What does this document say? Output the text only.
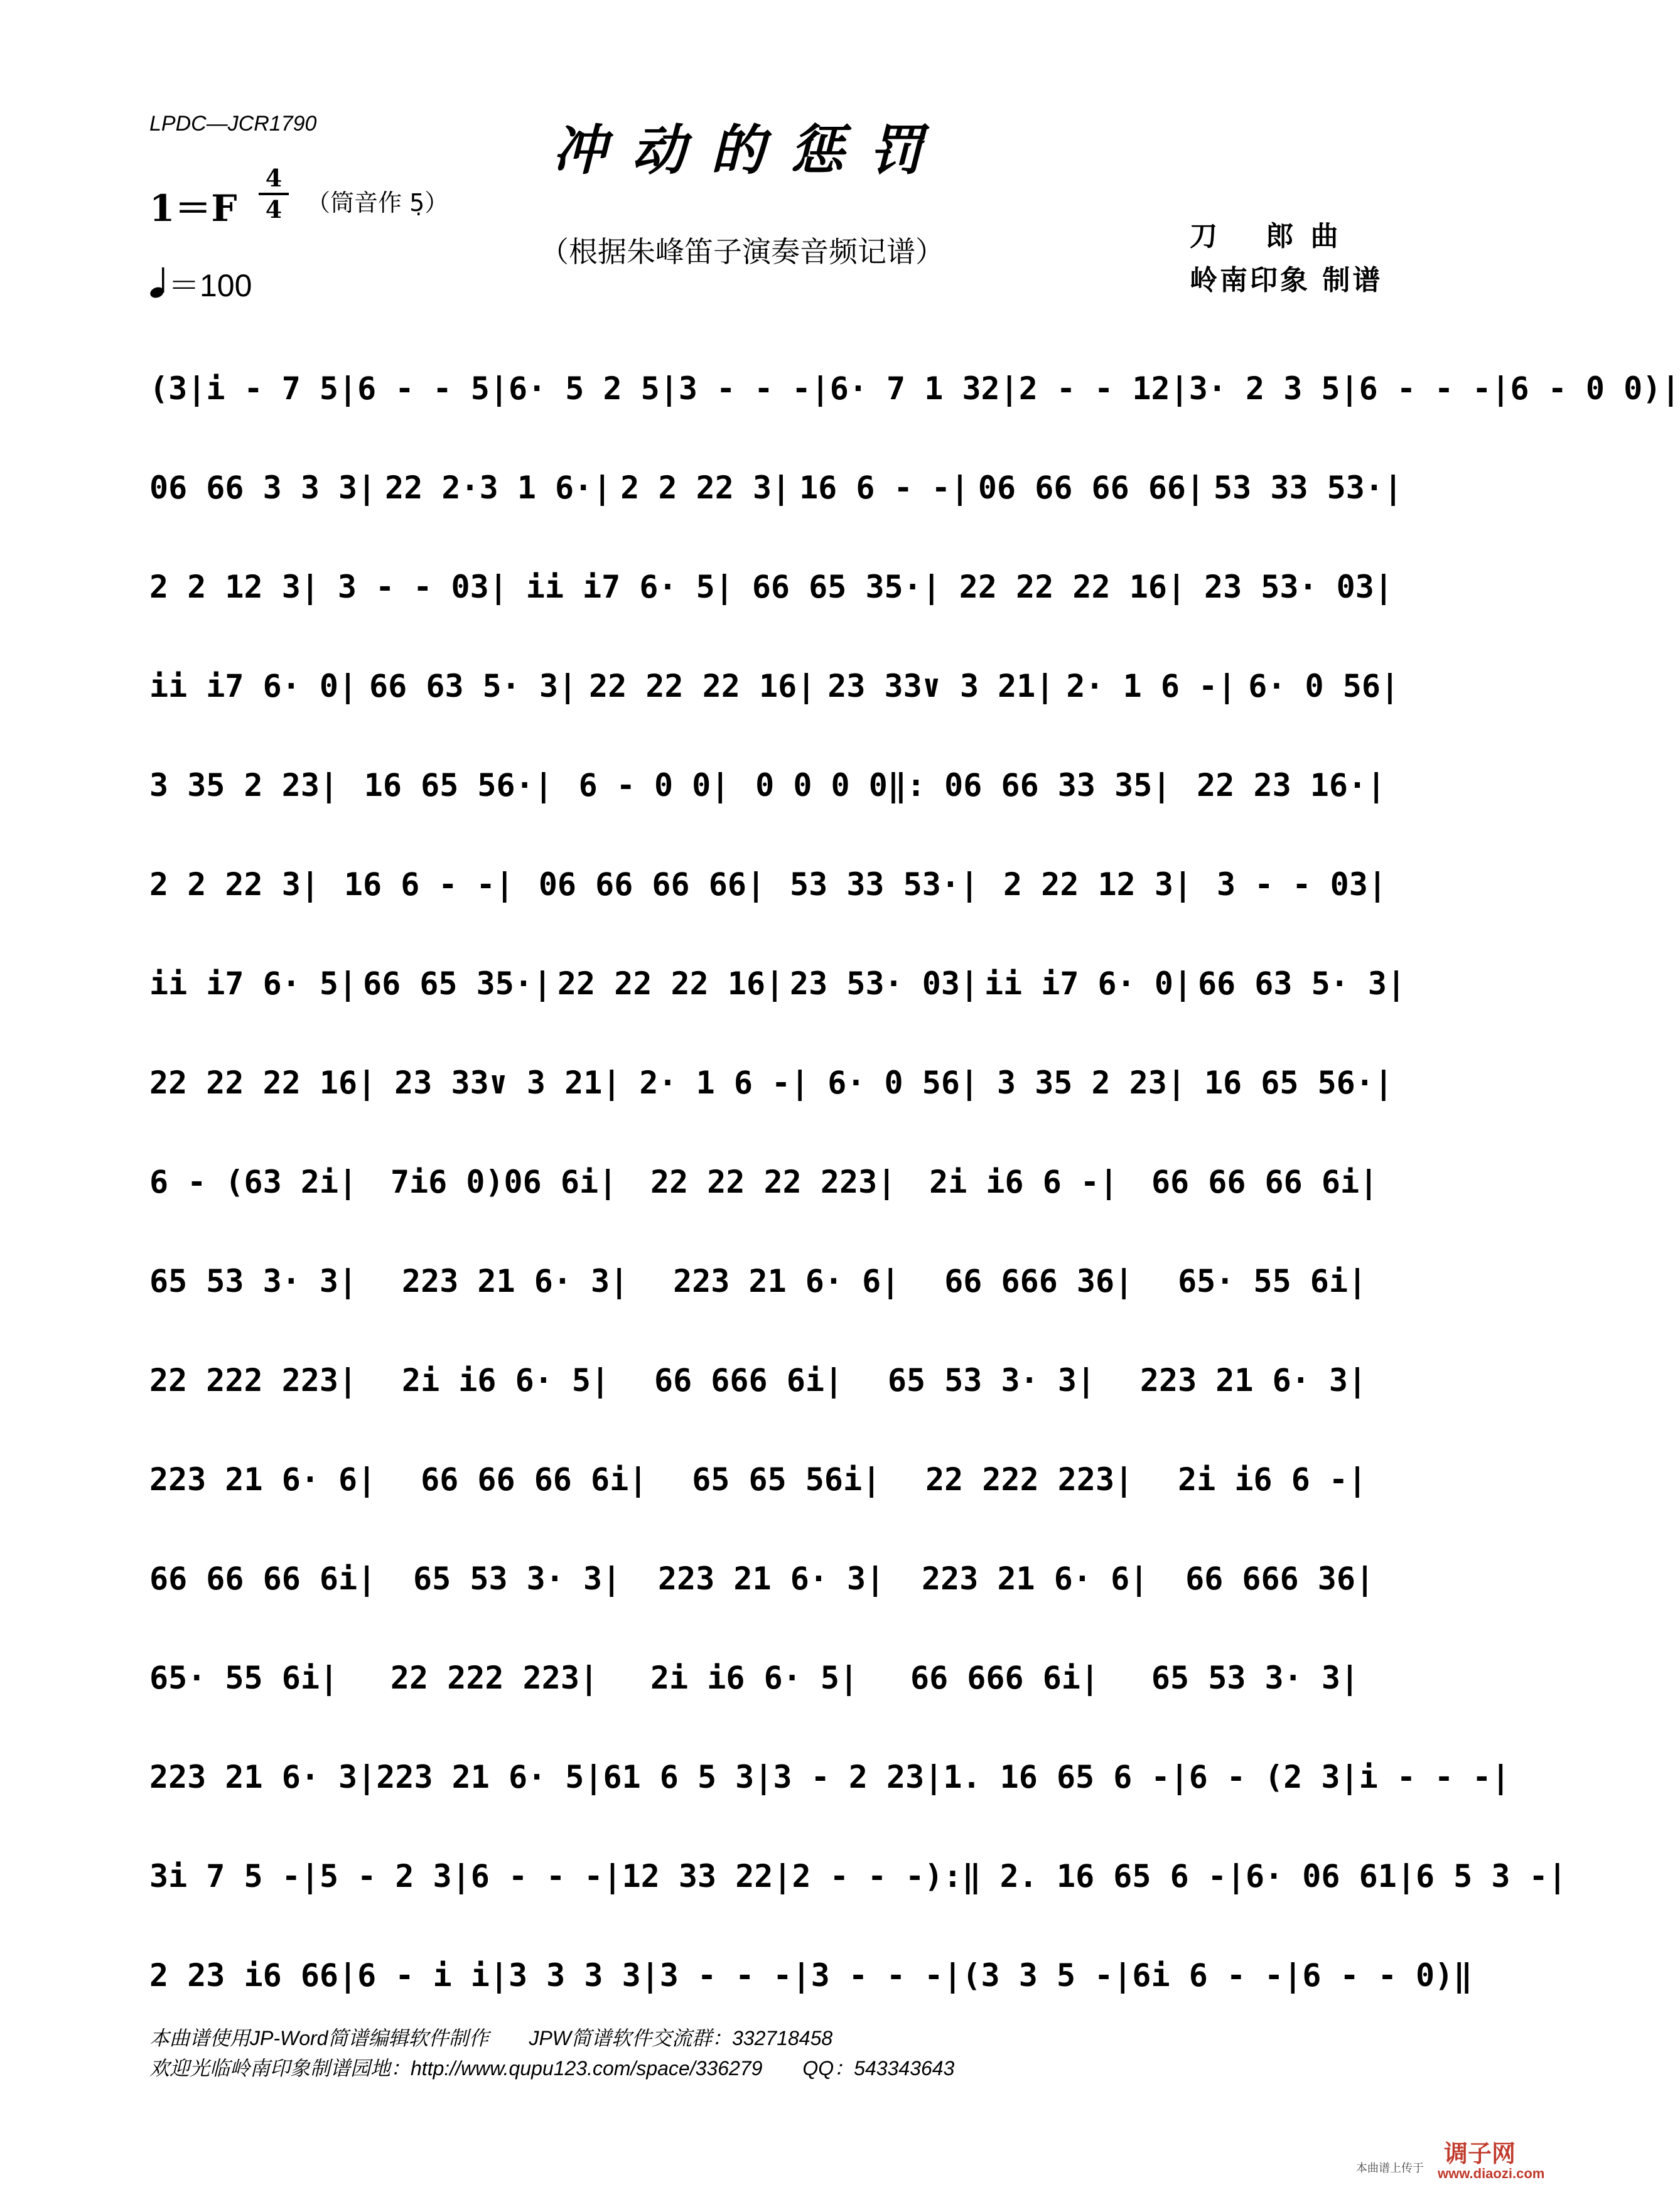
LPDC—JCR1790	冲动的惩罚
（根据朱峰笛子演奏音频记谱）
1＝F
4
4 （筒音作 5̣）
＝100
刀　 郎 曲
岭南印象 制谱
(3| i - 7 5| 6 - - 5| 6· 5 2 5| 3 - - -| 6· 7 1 32| 2 - - 12| 3· 2 3 5| 6 - - -| 6 - 0 0)|
06 66 3 3 3| 22 2·3 1 6·| 2 2 22 3| 16 6 - -| 06 66 66 66| 53 33 53·|
2 2 12 3| 3 - - 03| ii i7 6· 5| 66 65 35·| 22 22 22 16| 23 53· 03|
ii i7 6· 0| 66 63 5· 3| 22 22 22 16| 23 33∨ 3 21| 2· 1 6 -| 6· 0 56|
3 35 2 23| 16 65 56·| 6 - 0 0| 0 0 0 0‖: 06 66 33 35| 22 23 16·|
2 2 22 3| 16 6 - -| 06 66 66 66| 53 33 53·| 2 22 12 3| 3 - - 03|
ii i7 6· 5| 66 65 35·| 22 22 22 16| 23 53· 03| ii i7 6· 0| 66 63 5· 3|
22 22 22 16| 23 33∨ 3 21| 2· 1 6 -| 6· 0 56| 3 35 2 23| 16 65 56·|
6 - (63 2i| 7i6 0)06 6i| 22 22 22 223| 2i i6 6 -| 66 66 66 6i|
65 53 3· 3| 223 21 6· 3| 223 21 6· 6| 66 666 36| 65· 55 6i|
22 222 223| 2i i6 6· 5| 66 666 6i| 65 53 3· 3| 223 21 6· 3|
223 21 6· 6| 66 66 66 6i| 65 65 56i| 22 222 223| 2i i6 6 -|
66 66 66 6i| 65 53 3· 3| 223 21 6· 3| 223 21 6· 6| 66 666 36|
65· 55 6i| 22 222 223| 2i i6 6· 5| 66 666 6i| 65 53 3· 3|
223 21 6· 3| 223 21 6· 5| 61 6 5 3| 3 - 2 23| 1. 16 65 6 -| 6 - (2 3| i - - -|
3i 7 5 -| 5 - 2 3| 6 - - -| 12 33 22| 2 - - -):‖ 2. 16 65 6 -| 6· 06 61| 6 5 3 -|
2 23 i6 66| 6 - i i| 3 3 3 3| 3 - - -| 3 - - -| (3 3 5 -| 6i 6 - -| 6 - - 0)‖
本曲谱使用JP-Word简谱编辑软件制作　　JPW简谱软件交流群：332718458
欢迎光临岭南印象制谱园地：http://www.qupu123.com/space/336279　　QQ：543343643
本曲谱上传于
调子网
www.diaozi.com
